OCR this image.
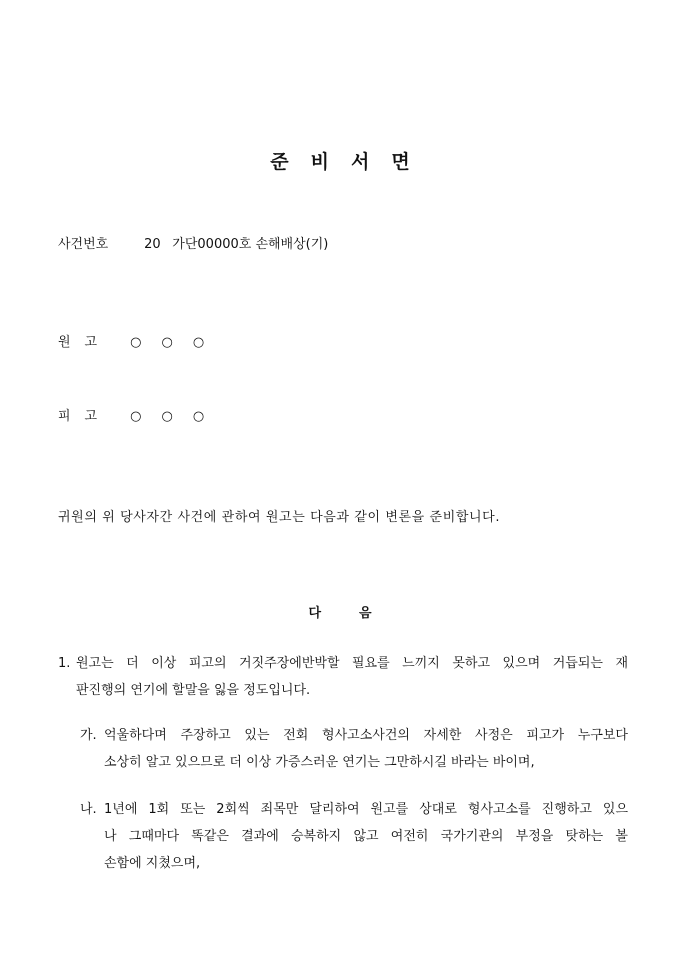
준비서면
사건번호	20 가단00000호 손해배상(기)
원고 ○○○
피고 ○○○
귀원의 위 당사자간 사건에 관하여 원고는 다음과 같이 변론을 준비합니다.
다음
1. 원고는 더 이상 피고의 거짓주장에반박할 필요를 느끼지 못하고 있으며 거듭되는 재
판진행의 연기에 할말을 잃을 정도입니다.
가. 억울하다며 주장하고 있는 전회 형사고소사건의 자세한 사정은 피고가 누구보다
소상히 알고 있으므로 더 이상 가증스러운 연기는 그만하시길 바라는 바이며,
나. 1년에 1회 또는 2회씩 죄목만 달리하여 원고를 상대로 형사고소를 진행하고 있으
나 그때마다 똑같은 결과에 승복하지 않고 여전히 국가기관의 부정을 탓하는 볼
손함에 지쳤으며,
